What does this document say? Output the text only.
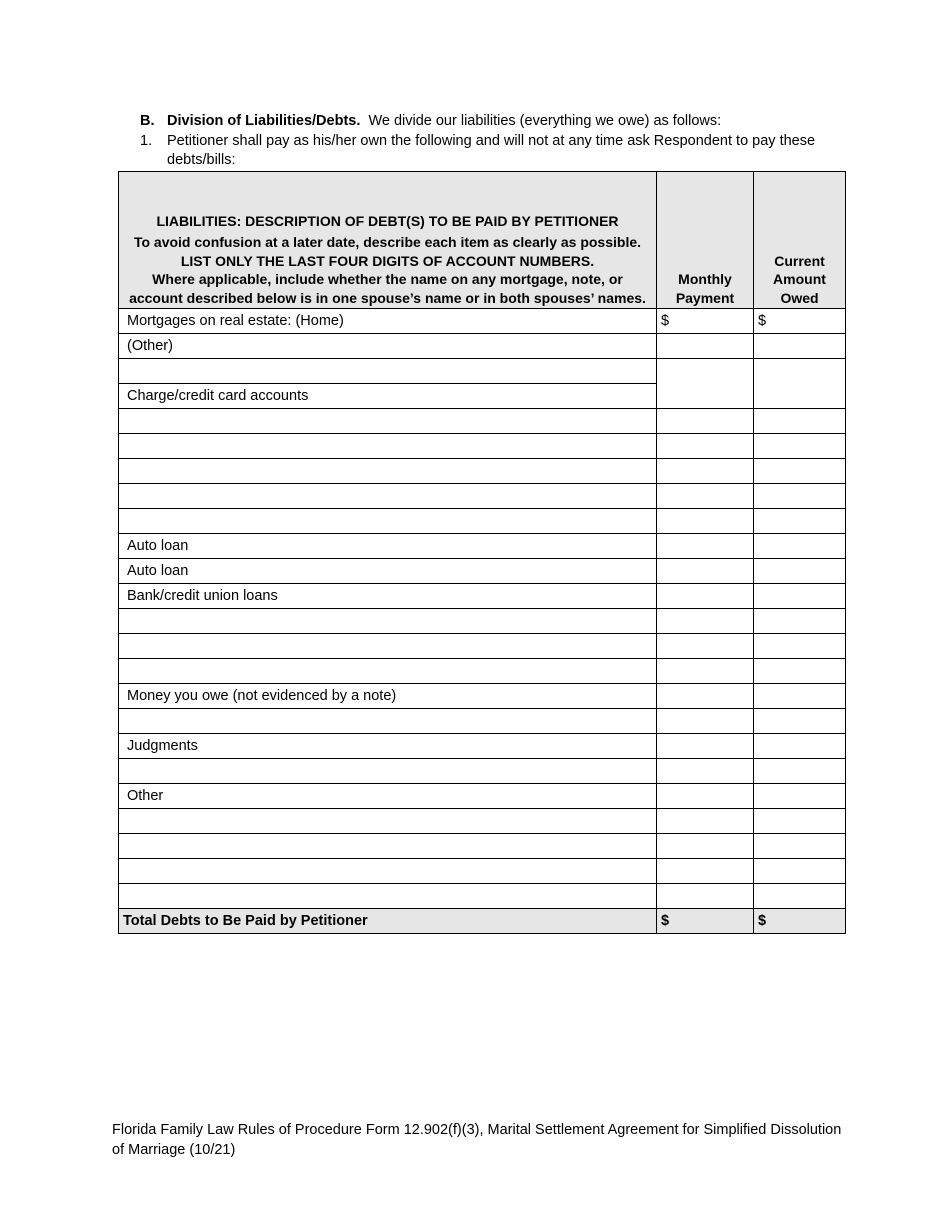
B. Division of Liabilities/Debts. We divide our liabilities (everything we owe) as follows:
1. Petitioner shall pay as his/her own the following and will not at any time ask Respondent to pay these debts/bills:
LIABILITIES: DESCRIPTION OF DEBT(S) TO BE PAID BY PETITIONER
To avoid confusion at a later date, describe each item as clearly as possible.
LIST ONLY THE LAST FOUR DIGITS OF ACCOUNT NUMBERS.
Where applicable, include whether the name on any mortgage, note, or account described below is in one spouse’s name or in both spouses’ names.	Monthly Payment	Current Amount Owed
Mortgages on real estate: (Home)	$	$
(Other)		

Charge/credit card accounts		

Auto loan		
Auto loan		
Bank/credit union loans		

Money you owe (not evidenced by a note)		

Judgments		

Other		

Total Debts to Be Paid by Petitioner	$	$
Florida Family Law Rules of Procedure Form 12.902(f)(3), Marital Settlement Agreement for Simplified Dissolution of Marriage (10/21)
